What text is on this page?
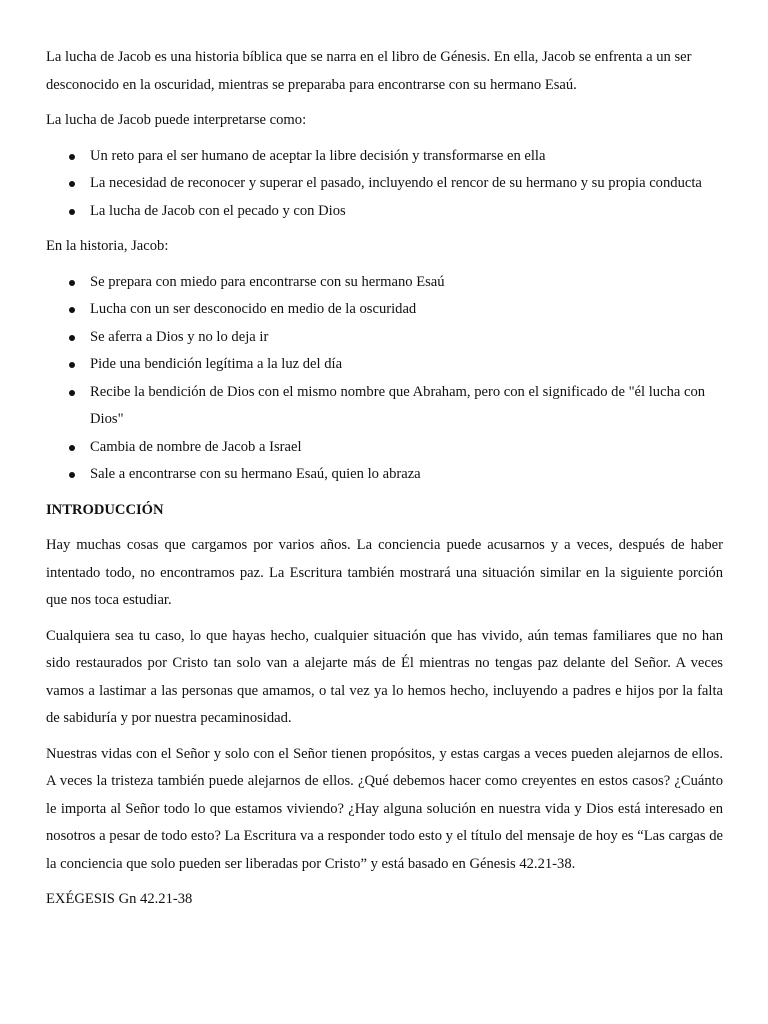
La lucha de Jacob es una historia bíblica que se narra en el libro de Génesis. En ella, Jacob se enfrenta a un ser desconocido en la oscuridad, mientras se preparaba para encontrarse con su hermano Esaú.

La lucha de Jacob puede interpretarse como:

Un reto para el ser humano de aceptar la libre decisión y transformarse en ella
La necesidad de reconocer y superar el pasado, incluyendo el rencor de su hermano y su propia conducta
La lucha de Jacob con el pecado y con Dios

En la historia, Jacob:

Se prepara con miedo para encontrarse con su hermano Esaú
Lucha con un ser desconocido en medio de la oscuridad
Se aferra a Dios y no lo deja ir
Pide una bendición legítima a la luz del día
Recibe la bendición de Dios con el mismo nombre que Abraham, pero con el significado de "él lucha con Dios"
Cambia de nombre de Jacob a Israel
Sale a encontrarse con su hermano Esaú, quien lo abraza
INTRODUCCIÓN

Hay muchas cosas que cargamos por varios años. La conciencia puede acusarnos y a veces, después de haber intentado todo, no encontramos paz. La Escritura también mostrará una situación similar en la siguiente porción que nos toca estudiar.

Cualquiera sea tu caso, lo que hayas hecho, cualquier situación que has vivido, aún temas familiares que no han sido restaurados por Cristo tan solo van a alejarte más de Él mientras no tengas paz delante del Señor. A veces vamos a lastimar a las personas que amamos, o tal vez ya lo hemos hecho, incluyendo a padres e hijos por la falta de sabiduría y por nuestra pecaminosidad.

Nuestras vidas con el Señor y solo con el Señor tienen propósitos, y estas cargas a veces pueden alejarnos de ellos. A veces la tristeza también puede alejarnos de ellos. ¿Qué debemos hacer como creyentes en estos casos? ¿Cuánto le importa al Señor todo lo que estamos viviendo? ¿Hay alguna solución en nuestra vida y Dios está interesado en nosotros a pesar de todo esto? La Escritura va a responder todo esto y el título del mensaje de hoy es “Las cargas de la conciencia que solo pueden ser liberadas por Cristo” y está basado en Génesis 42.21-38.

EXÉGESIS Gn 42.21-38
